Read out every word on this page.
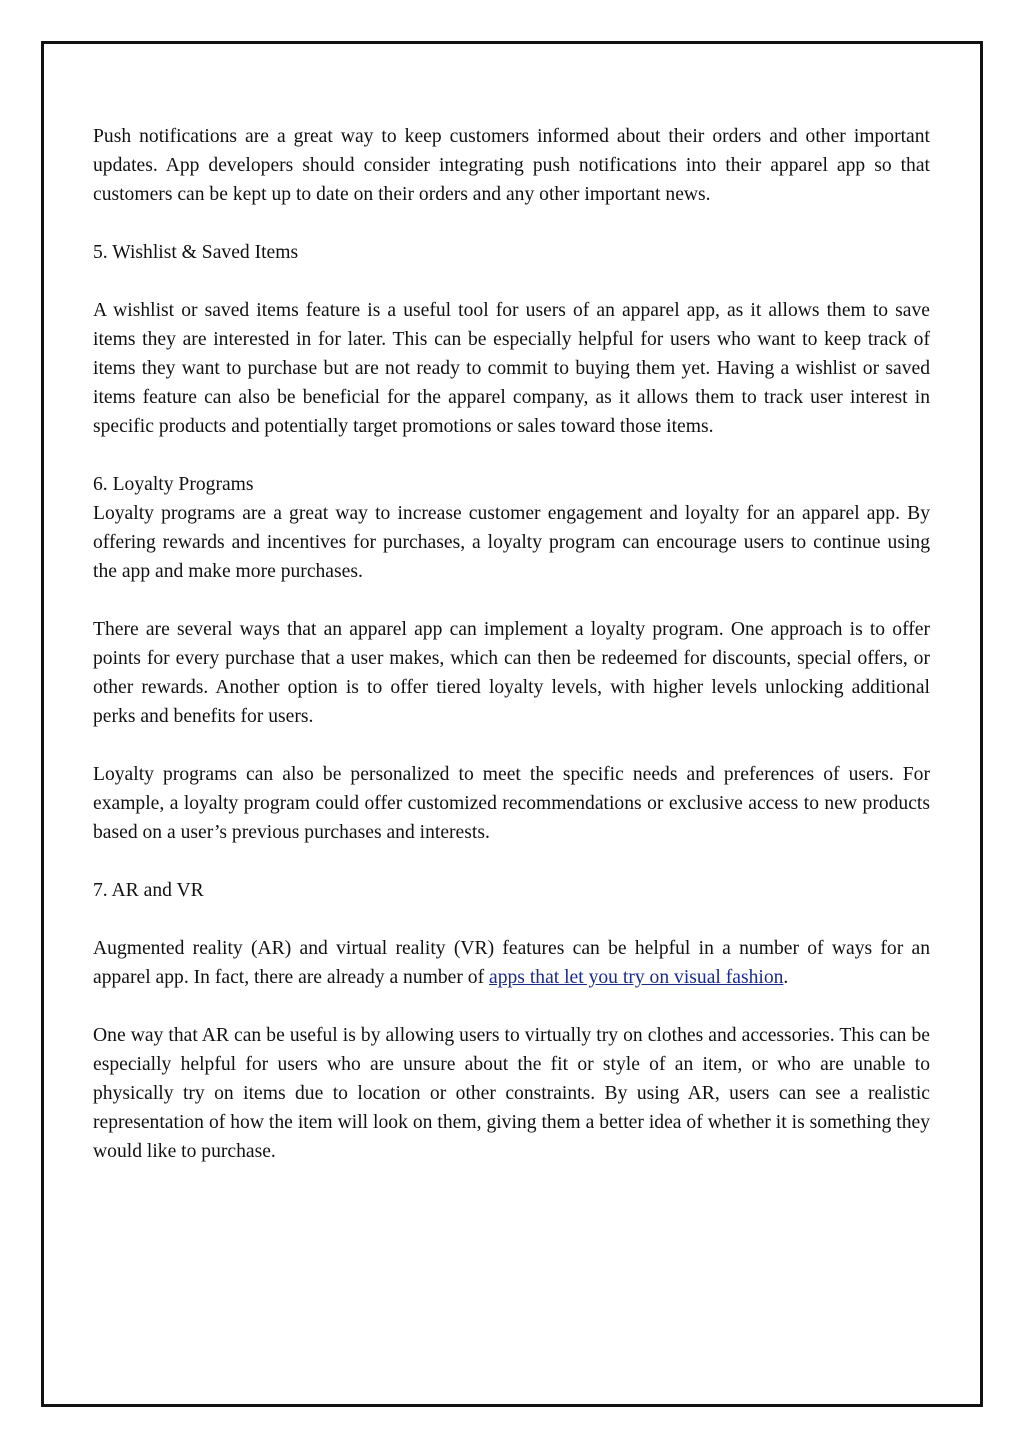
Push notifications are a great way to keep customers informed about their orders and other important updates. App developers should consider integrating push notifications into their apparel app so that customers can be kept up to date on their orders and any other important news.

5. Wishlist & Saved Items

A wishlist or saved items feature is a useful tool for users of an apparel app, as it allows them to save items they are interested in for later. This can be especially helpful for users who want to keep track of items they want to purchase but are not ready to commit to buying them yet. Having a wishlist or saved items feature can also be beneficial for the apparel company, as it allows them to track user interest in specific products and potentially target promotions or sales toward those items.

6. Loyalty Programs

Loyalty programs are a great way to increase customer engagement and loyalty for an apparel app. By offering rewards and incentives for purchases, a loyalty program can encourage users to continue using the app and make more purchases.

There are several ways that an apparel app can implement a loyalty program. One approach is to offer points for every purchase that a user makes, which can then be redeemed for discounts, special offers, or other rewards. Another option is to offer tiered loyalty levels, with higher levels unlocking additional perks and benefits for users.

Loyalty programs can also be personalized to meet the specific needs and preferences of users. For example, a loyalty program could offer customized recommendations or exclusive access to new products based on a user’s previous purchases and interests.

7. AR and VR

Augmented reality (AR) and virtual reality (VR) features can be helpful in a number of ways for an apparel app. In fact, there are already a number of apps that let you try on visual fashion.

One way that AR can be useful is by allowing users to virtually try on clothes and accessories. This can be especially helpful for users who are unsure about the fit or style of an item, or who are unable to physically try on items due to location or other constraints. By using AR, users can see a realistic representation of how the item will look on them, giving them a better idea of whether it is something they would like to purchase.
